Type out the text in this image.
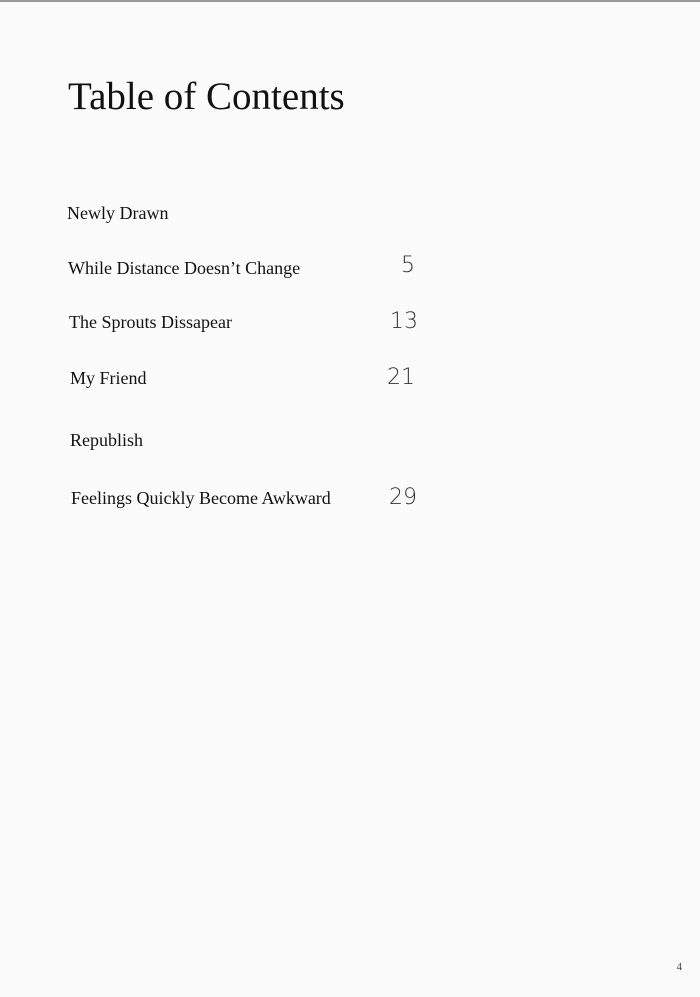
Table of Contents
Newly Drawn
While Distance Doesn’t Change	5
The Sprouts Dissapear	13
My Friend	21
Republish
Feelings Quickly Become Awkward	29
4
